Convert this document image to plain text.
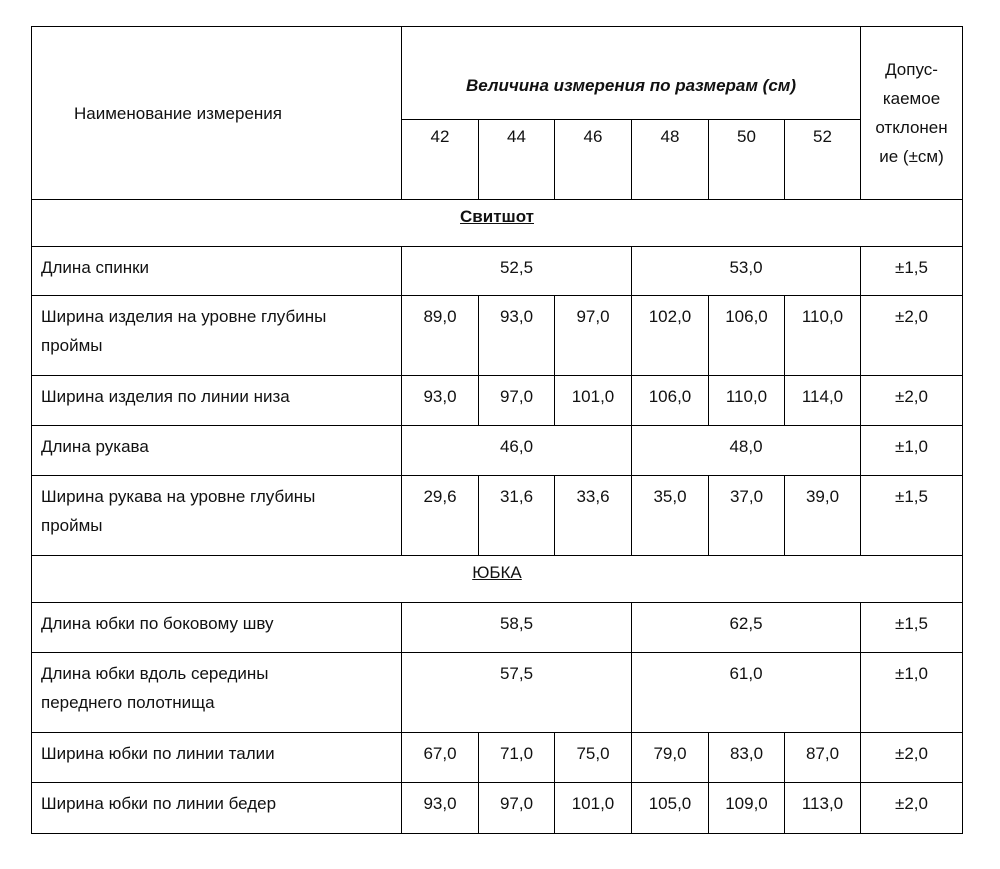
Наименование измерения	Величина измерения по размерам (см)						Допус-
каемое
отклонен
ие (±см)
	42	44	46	48	50	52	
Свитшот							
Длина спинки	52,5			53,0			±1,5
Ширина изделия на уровне глубины
проймы	89,0	93,0	97,0	102,0	106,0	110,0	±2,0
Ширина изделия по линии низа	93,0	97,0	101,0	106,0	110,0	114,0	±2,0
Длина рукава	46,0			48,0			±1,0
Ширина рукава на уровне глубины
проймы	29,6	31,6	33,6	35,0	37,0	39,0	±1,5
ЮБКА							
Длина юбки по боковому шву	58,5			62,5			±1,5
Длина юбки вдоль середины
переднего полотнища	57,5			61,0			±1,0
Ширина юбки по линии талии	67,0	71,0	75,0	79,0	83,0	87,0	±2,0
Ширина юбки по линии бедер	93,0	97,0	101,0	105,0	109,0	113,0	±2,0
